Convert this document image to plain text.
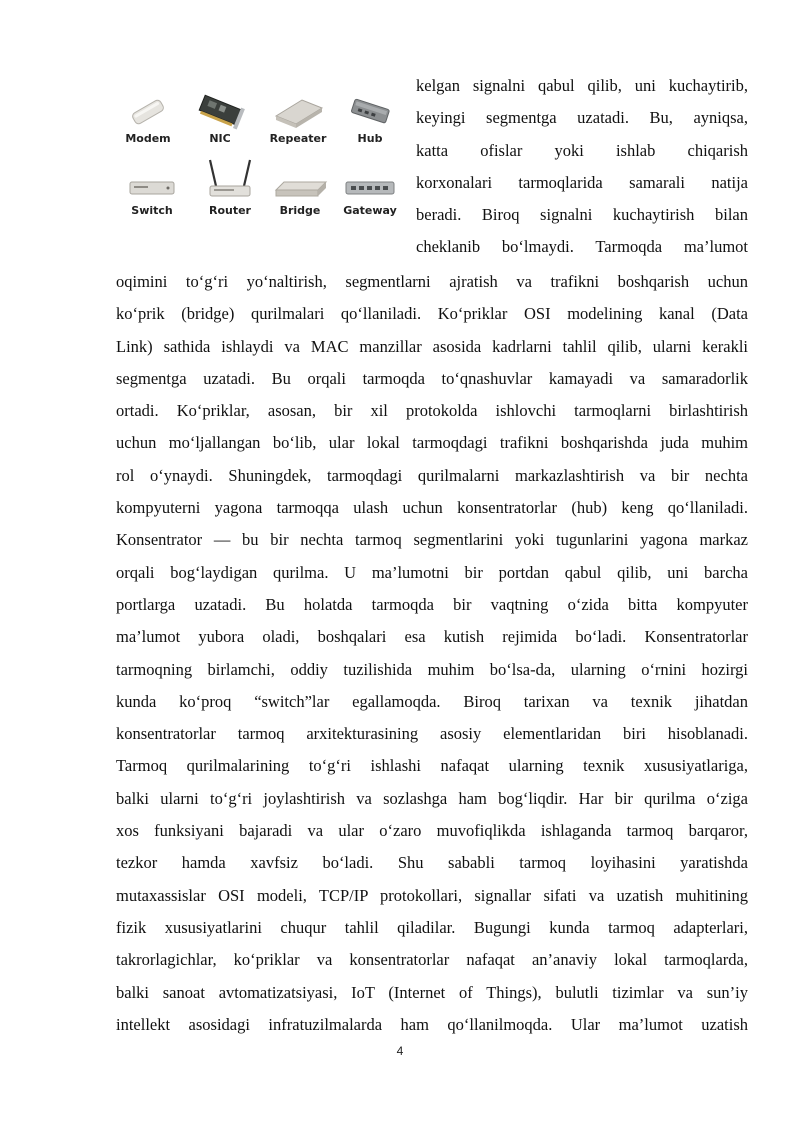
Modem	NIC	Repeater	Hub
Switch	Router	Bridge	Gateway
kelgan signalni qabul qilib, uni kuchaytirib,
keyingi segmentga uzatadi. Bu, ayniqsa,
katta ofislar yoki ishlab chiqarish
korxonalari tarmoqlarida samarali natija
beradi. Biroq signalni kuchaytirish bilan
cheklanib bo‘lmaydi. Tarmoqda ma’lumot
oqimini to‘g‘ri yo‘naltirish, segmentlarni ajratish va trafikni boshqarish uchun
ko‘prik (bridge) qurilmalari qo‘llaniladi. Ko‘priklar OSI modelining kanal (Data
Link) sathida ishlaydi va MAC manzillar asosida kadrlarni tahlil qilib, ularni kerakli
segmentga uzatadi. Bu orqali tarmoqda to‘qnashuvlar kamayadi va samaradorlik
ortadi. Ko‘priklar, asosan, bir xil protokolda ishlovchi tarmoqlarni birlashtirish
uchun mo‘ljallangan bo‘lib, ular lokal tarmoqdagi trafikni boshqarishda juda muhim
rol o‘ynaydi. Shuningdek, tarmoqdagi qurilmalarni markazlashtirish va bir nechta
kompyuterni yagona tarmoqqa ulash uchun konsentratorlar (hub) keng qo‘llaniladi.
Konsentrator — bu bir nechta tarmoq segmentlarini yoki tugunlarini yagona markaz
orqali bog‘laydigan qurilma. U ma’lumotni bir portdan qabul qilib, uni barcha
portlarga uzatadi. Bu holatda tarmoqda bir vaqtning o‘zida bitta kompyuter
ma’lumot yubora oladi, boshqalari esa kutish rejimida bo‘ladi. Konsentratorlar
tarmoqning birlamchi, oddiy tuzilishida muhim bo‘lsa-da, ularning o‘rnini hozirgi
kunda ko‘proq “switch”lar egallamoqda. Biroq tarixan va texnik jihatdan
konsentratorlar tarmoq arxitekturasining asosiy elementlaridan biri hisoblanadi.
Tarmoq qurilmalarining to‘g‘ri ishlashi nafaqat ularning texnik xususiyatlariga,
balki ularni to‘g‘ri joylashtirish va sozlashga ham bog‘liqdir. Har bir qurilma o‘ziga
xos funksiyani bajaradi va ular o‘zaro muvofiqlikda ishlaganda tarmoq barqaror,
tezkor hamda xavfsiz bo‘ladi. Shu sababli tarmoq loyihasini yaratishda
mutaxassislar OSI modeli, TCP/IP protokollari, signallar sifati va uzatish muhitining
fizik xususiyatlarini chuqur tahlil qiladilar. Bugungi kunda tarmoq adapterlari,
takrorlagichlar, ko‘priklar va konsentratorlar nafaqat an’anaviy lokal tarmoqlarda,
balki sanoat avtomatizatsiyasi, IoT (Internet of Things), bulutli tizimlar va sun’iy
intellekt asosidagi infratuzilmalarda ham qo‘llanilmoqda. Ular ma’lumot uzatish
4
